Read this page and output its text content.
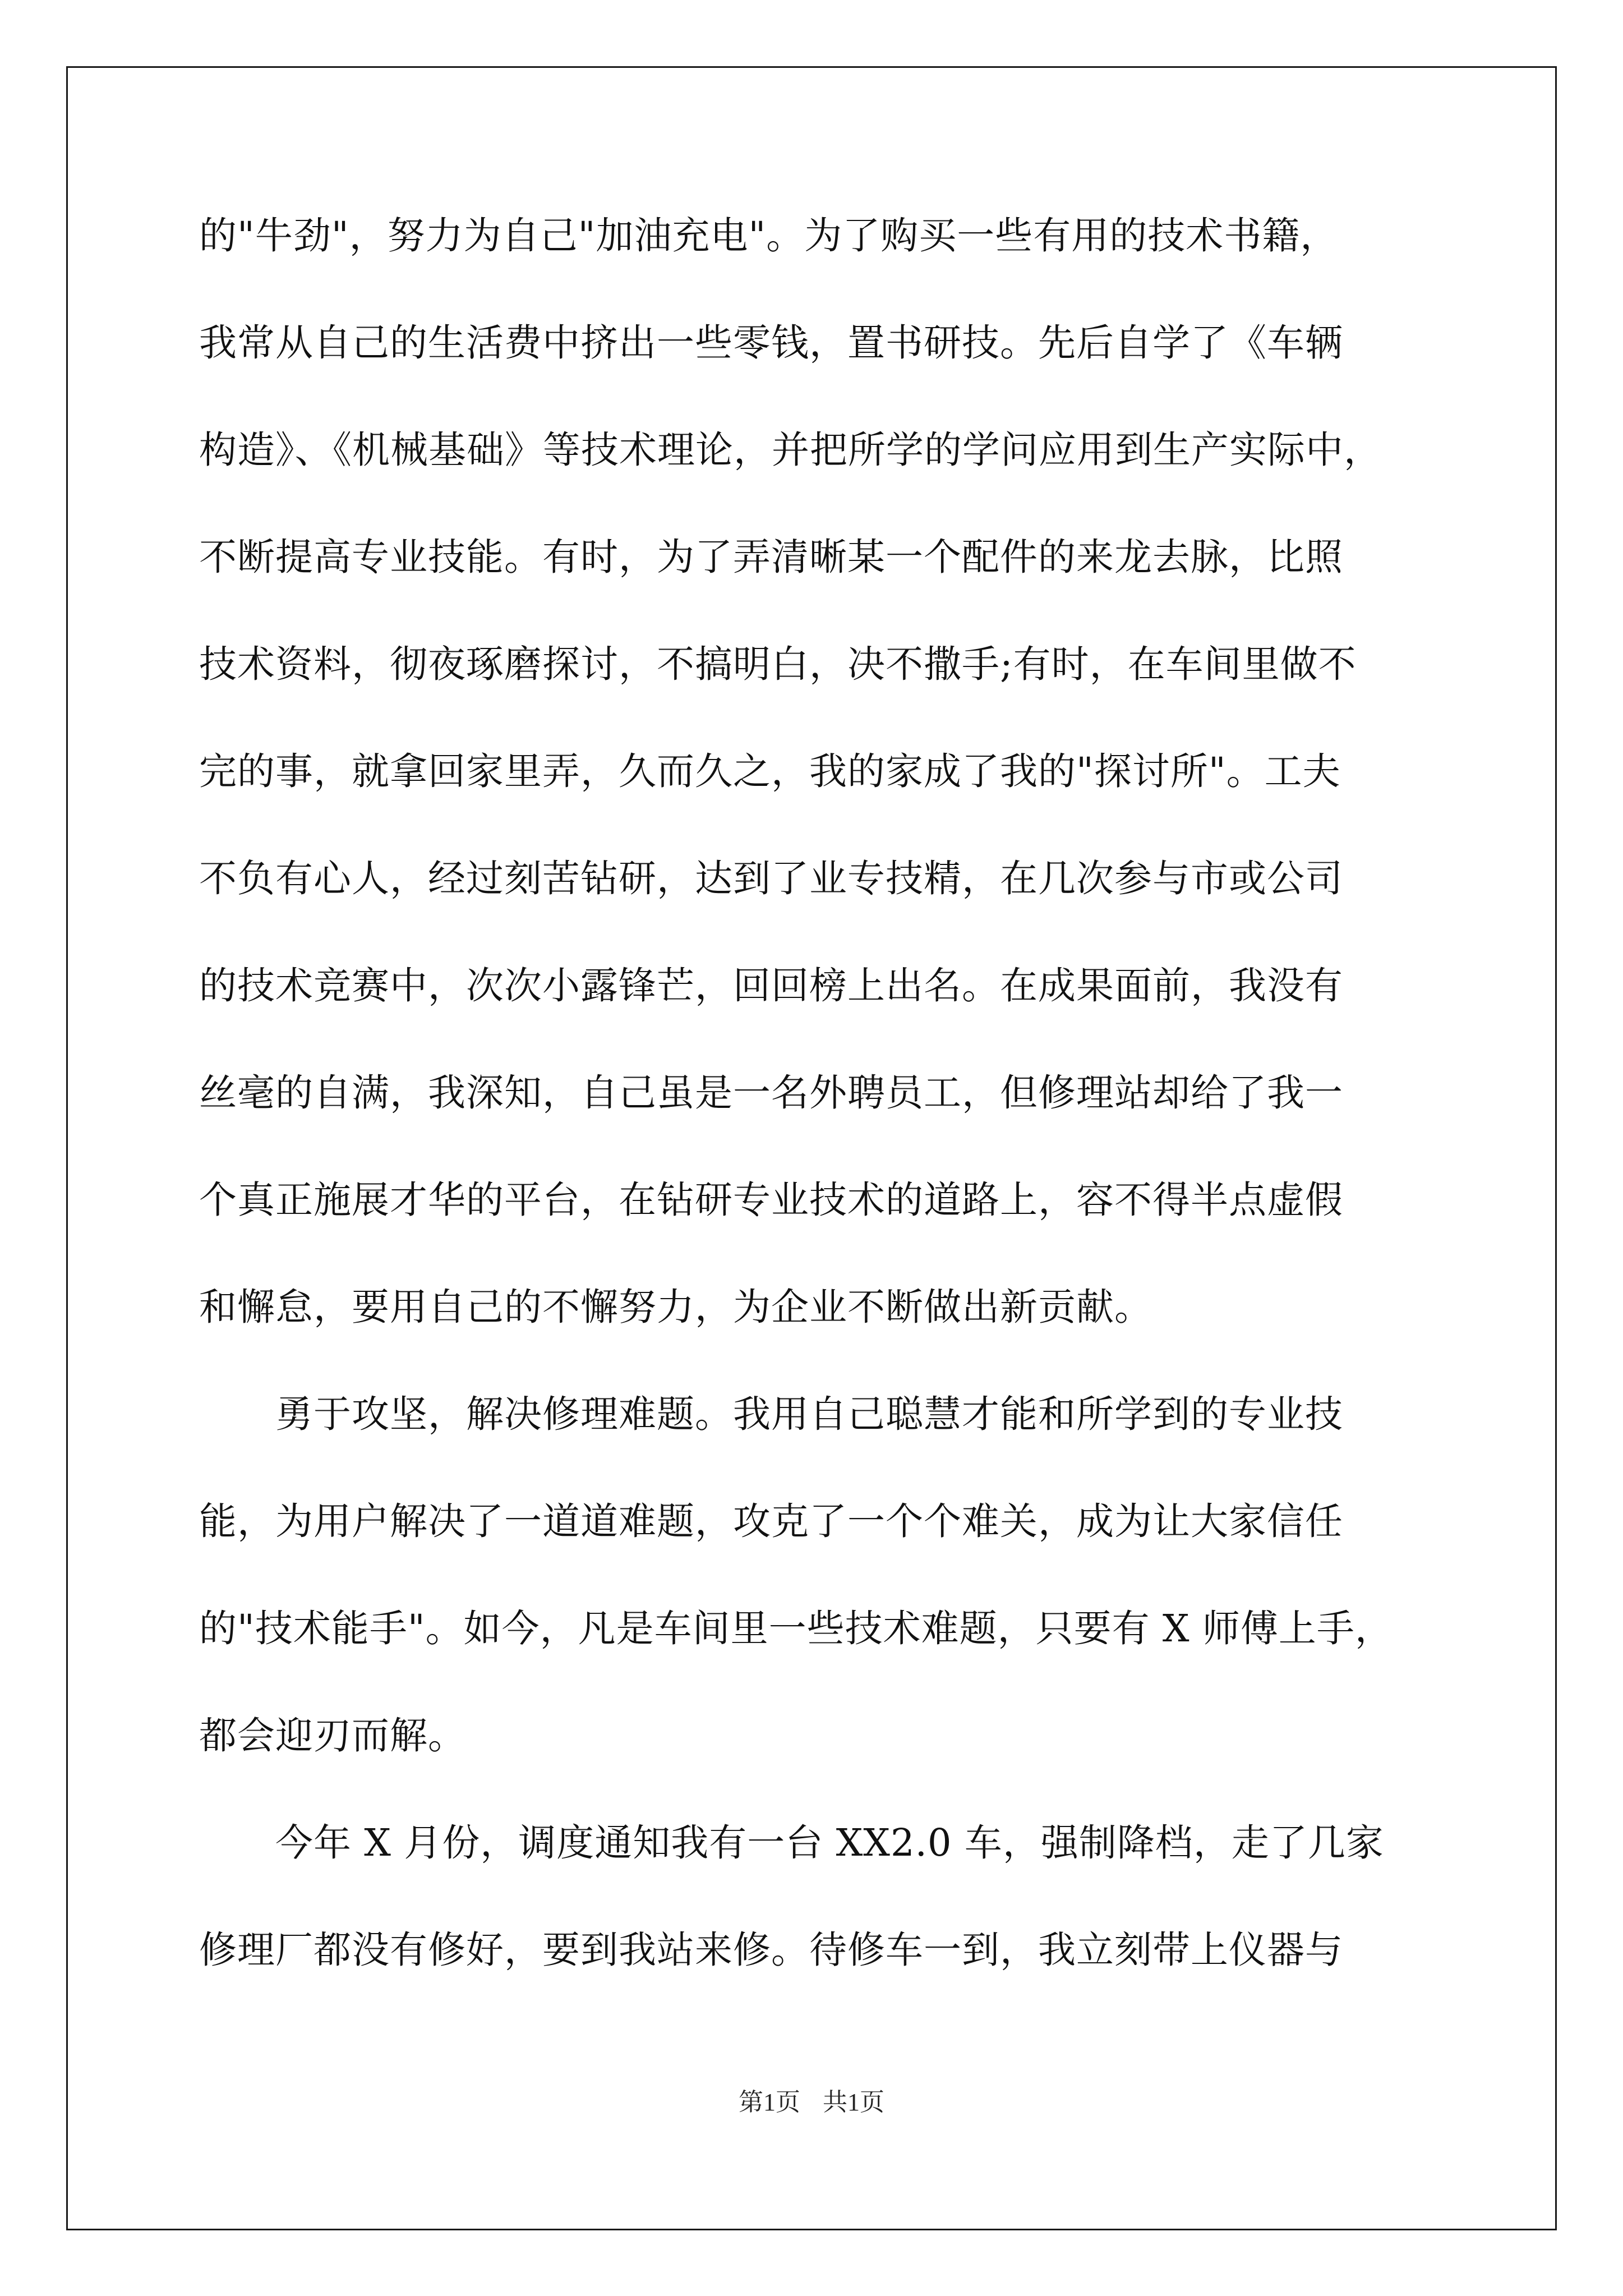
的"牛劲"，努力为自己"加油充电"。为了购买一些有用的技术书籍，
我常从自己的生活费中挤出一些零钱，置书研技。先后自学了《车辆
构造》、《机械基础》等技术理论，并把所学的学问应用到生产实际中，
不断提高专业技能。有时，为了弄清晰某一个配件的来龙去脉，比照
技术资料，彻夜琢磨探讨，不搞明白，决不撒手;有时，在车间里做不
完的事，就拿回家里弄，久而久之，我的家成了我的"探讨所"。工夫
不负有心人，经过刻苦钻研，达到了业专技精，在几次参与市或公司
的技术竞赛中，次次小露锋芒，回回榜上出名。在成果面前，我没有
丝毫的自满，我深知，自己虽是一名外聘员工，但修理站却给了我一
个真正施展才华的平台，在钻研专业技术的道路上，容不得半点虚假
和懈怠，要用自己的不懈努力，为企业不断做出新贡献。
　　勇于攻坚，解决修理难题。我用自己聪慧才能和所学到的专业技
能，为用户解决了一道道难题，攻克了一个个难关，成为让大家信任
的"技术能手"。如今，凡是车间里一些技术难题，只要有 X 师傅上手，
都会迎刃而解。
　　今年 X 月份，调度通知我有一台 XX2.0 车，强制降档，走了几家
修理厂都没有修好，要到我站来修。待修车一到，我立刻带上仪器与
第1页 共1页
